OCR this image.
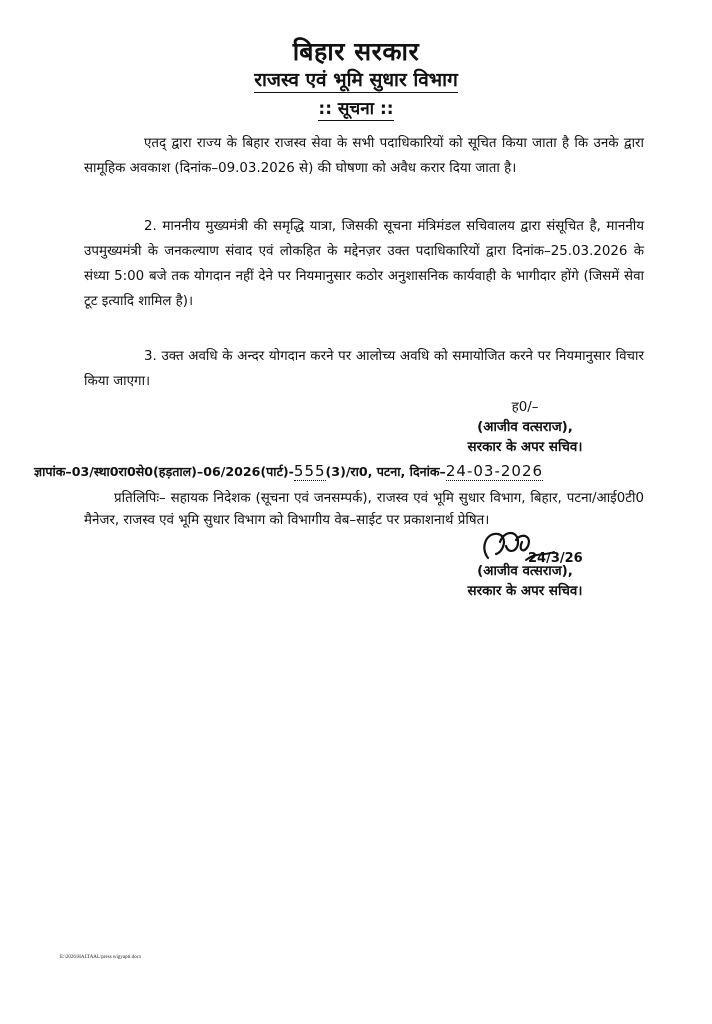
बिहार सरकार
राजस्व एवं भूमि सुधार विभाग
:: सूचना ::
एतद् द्वारा राज्य के बिहार राजस्व सेवा के सभी पदाधिकारियों को सूचित किया जाता है कि उनके द्वारा सामूहिक अवकाश (दिनांक–09.03.2026 से) की घोषणा को अवैध करार दिया जाता है।
2. माननीय मुख्यमंत्री की समृद्धि यात्रा, जिसकी सूचना मंत्रिमंडल सचिवालय द्वारा संसूचित है, माननीय उपमुख्यमंत्री के जनकल्याण संवाद एवं लोकहित के मद्देनज़र उक्त पदाधिकारियों द्वारा दिनांक–25.03.2026 के संध्या 5:00 बजे तक योगदान नहीं देने पर नियमानुसार कठोर अनुशासनिक कार्यवाही के भागीदार होंगे (जिसमें सेवा टूट इत्यादि शामिल है)।
3. उक्त अवधि के अन्दर योगदान करने पर आलोच्य अवधि को समायोजित करने पर नियमानुसार विचार किया जाएगा।
ह0/–
(आजीव वत्सराज),
सरकार के अपर सचिव।
ज्ञापांक–03/स्था0रा0से0(हड़ताल)–06/2026(पार्ट)-555(3)/रा0, पटना, दिनांक–24-03-2026
प्रतिलिपिः– सहायक निदेशक (सूचना एवं जनसम्पर्क), राजस्व एवं भूमि सुधार विभाग, बिहार, पटना/आई0टी0 मैनेजर, राजस्व एवं भूमि सुधार विभाग को विभागीय वेब–साईट पर प्रकाशनार्थ प्रेषित।
24/3/26
(आजीव वत्सराज),
सरकार के अपर सचिव।
E:\2026\HALTAAL\press wigyapti.docx
